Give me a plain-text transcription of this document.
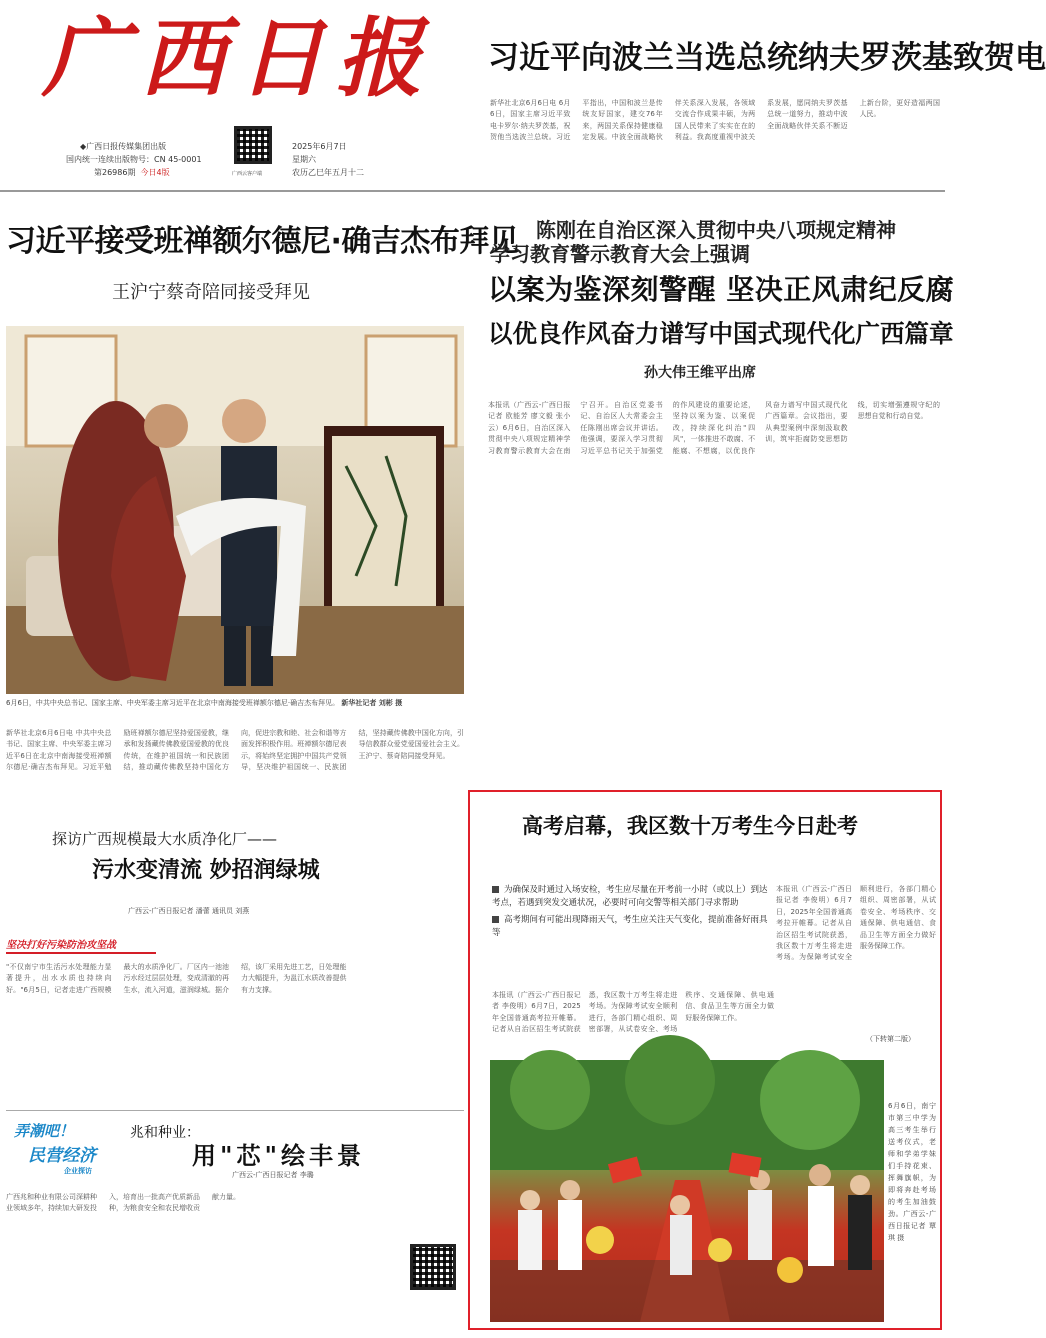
广西日报
◆广西日报传媒集团出版
国内统一连续出版物号：CN 45-0001
第26986期 今日4版	广西云客户端
2025年6月7日
星期六
农历乙巳年五月十二
习近平向波兰当选总统纳夫罗茨基致贺电
新华社北京6月6日电 6月6日，国家主席习近平致电卡罗尔·纳夫罗茨基，祝贺他当选波兰总统。习近平指出，中国和波兰是传统友好国家，建交76年来，两国关系保持健康稳定发展。中波全面战略伙伴关系深入发展，各领域交流合作成果丰硕，为两国人民带来了实实在在的利益。我高度重视中波关系发展，愿同纳夫罗茨基总统一道努力，推动中波全面战略伙伴关系不断迈上新台阶，更好造福两国人民。
习近平接受班禅额尔德尼·确吉杰布拜见
王沪宁蔡奇陪同接受拜见
6月6日，中共中央总书记、国家主席、中央军委主席习近平在北京中南海接受班禅额尔德尼·确吉杰布拜见。 新华社记者 刘彬 摄
新华社北京6月6日电 中共中央总书记、国家主席、中央军委主席习近平6日在北京中南海接受班禅额尔德尼·确吉杰布拜见。习近平勉励班禅额尔德尼坚持爱国爱教，继承和发扬藏传佛教爱国爱教的优良传统，在维护祖国统一和民族团结，推动藏传佛教坚持中国化方向，促进宗教和睦、社会和谐等方面发挥积极作用。班禅额尔德尼表示，将始终坚定拥护中国共产党领导，坚决维护祖国统一、民族团结，坚持藏传佛教中国化方向，引导信教群众爱党爱国爱社会主义。王沪宁、蔡奇陪同接受拜见。
陈刚在自治区深入贯彻中央八项规定精神
学习教育警示教育大会上强调
以案为鉴深刻警醒 坚决正风肃纪反腐
以优良作风奋力谱写中国式现代化广西篇章
孙大伟王维平出席
本报讯（广西云-广西日报记者 欧能芳 廖文毅 张小云）6月6日，自治区深入贯彻中央八项规定精神学习教育警示教育大会在南宁召开。自治区党委书记、自治区人大常委会主任陈刚出席会议并讲话。他强调，要深入学习贯彻习近平总书记关于加强党的作风建设的重要论述，坚持以案为鉴、以案促改，持续深化纠治"四风"，一体推进不敢腐、不能腐、不想腐，以优良作风奋力谱写中国式现代化广西篇章。会议指出，要从典型案例中深刻汲取教训，筑牢拒腐防变思想防线，切实增强遵规守纪的思想自觉和行动自觉。
探访广西规模最大水质净化厂——
污水变清流 妙招润绿城
广西云-广西日报记者 潘蕾 通讯员 刘燕
坚决打好污染防治攻坚战
"不仅南宁市生活污水处理能力显著提升，出水水质也持续向好。"6月5日，记者走进广西规模最大的水质净化厂。厂区内一池池污水经过层层处理，变成清澈的再生水，流入河道，滋润绿城。据介绍，该厂采用先进工艺，日处理能力大幅提升，为邕江水质改善提供有力支撑。
弄潮吧！
民营经济
企业探访
兆和种业：
用"芯"绘丰景
广西云-广西日报记者 李璐
广西兆和种业有限公司深耕种业领域多年，持续加大研发投入，培育出一批高产优质新品种，为粮食安全和农民增收贡献力量。
高考启幕，我区数十万考生今日赴考
为确保及时通过入场安检，考生应尽量在开考前一小时（或以上）到达考点，若遇到突发交通状况，必要时可向交警等相关部门寻求帮助
高考期间有可能出现降雨天气，考生应关注天气变化，提前准备好雨具等
本报讯（广西云-广西日报记者 李俊明）6月7日，2025年全国普通高考拉开帷幕。记者从自治区招生考试院获悉，我区数十万考生将走进考场。为保障考试安全顺利进行，各部门精心组织、周密部署，从试卷安全、考场秩序、交通保障、供电通信、食品卫生等方面全力做好服务保障工作。
本报讯（广西云-广西日报记者 李俊明）6月7日，2025年全国普通高考拉开帷幕。记者从自治区招生考试院获悉，我区数十万考生将走进考场。为保障考试安全顺利进行，各部门精心组织、周密部署，从试卷安全、考场秩序、交通保障、供电通信、食品卫生等方面全力做好服务保障工作。
（下转第二版）
6月6日，南宁市第三中学为高三考生举行送考仪式，老师和学弟学妹们手持花束、挥舞旗帜，为即将奔赴考场的考生加油鼓劲。广西云-广西日报记者 覃琪 摄
